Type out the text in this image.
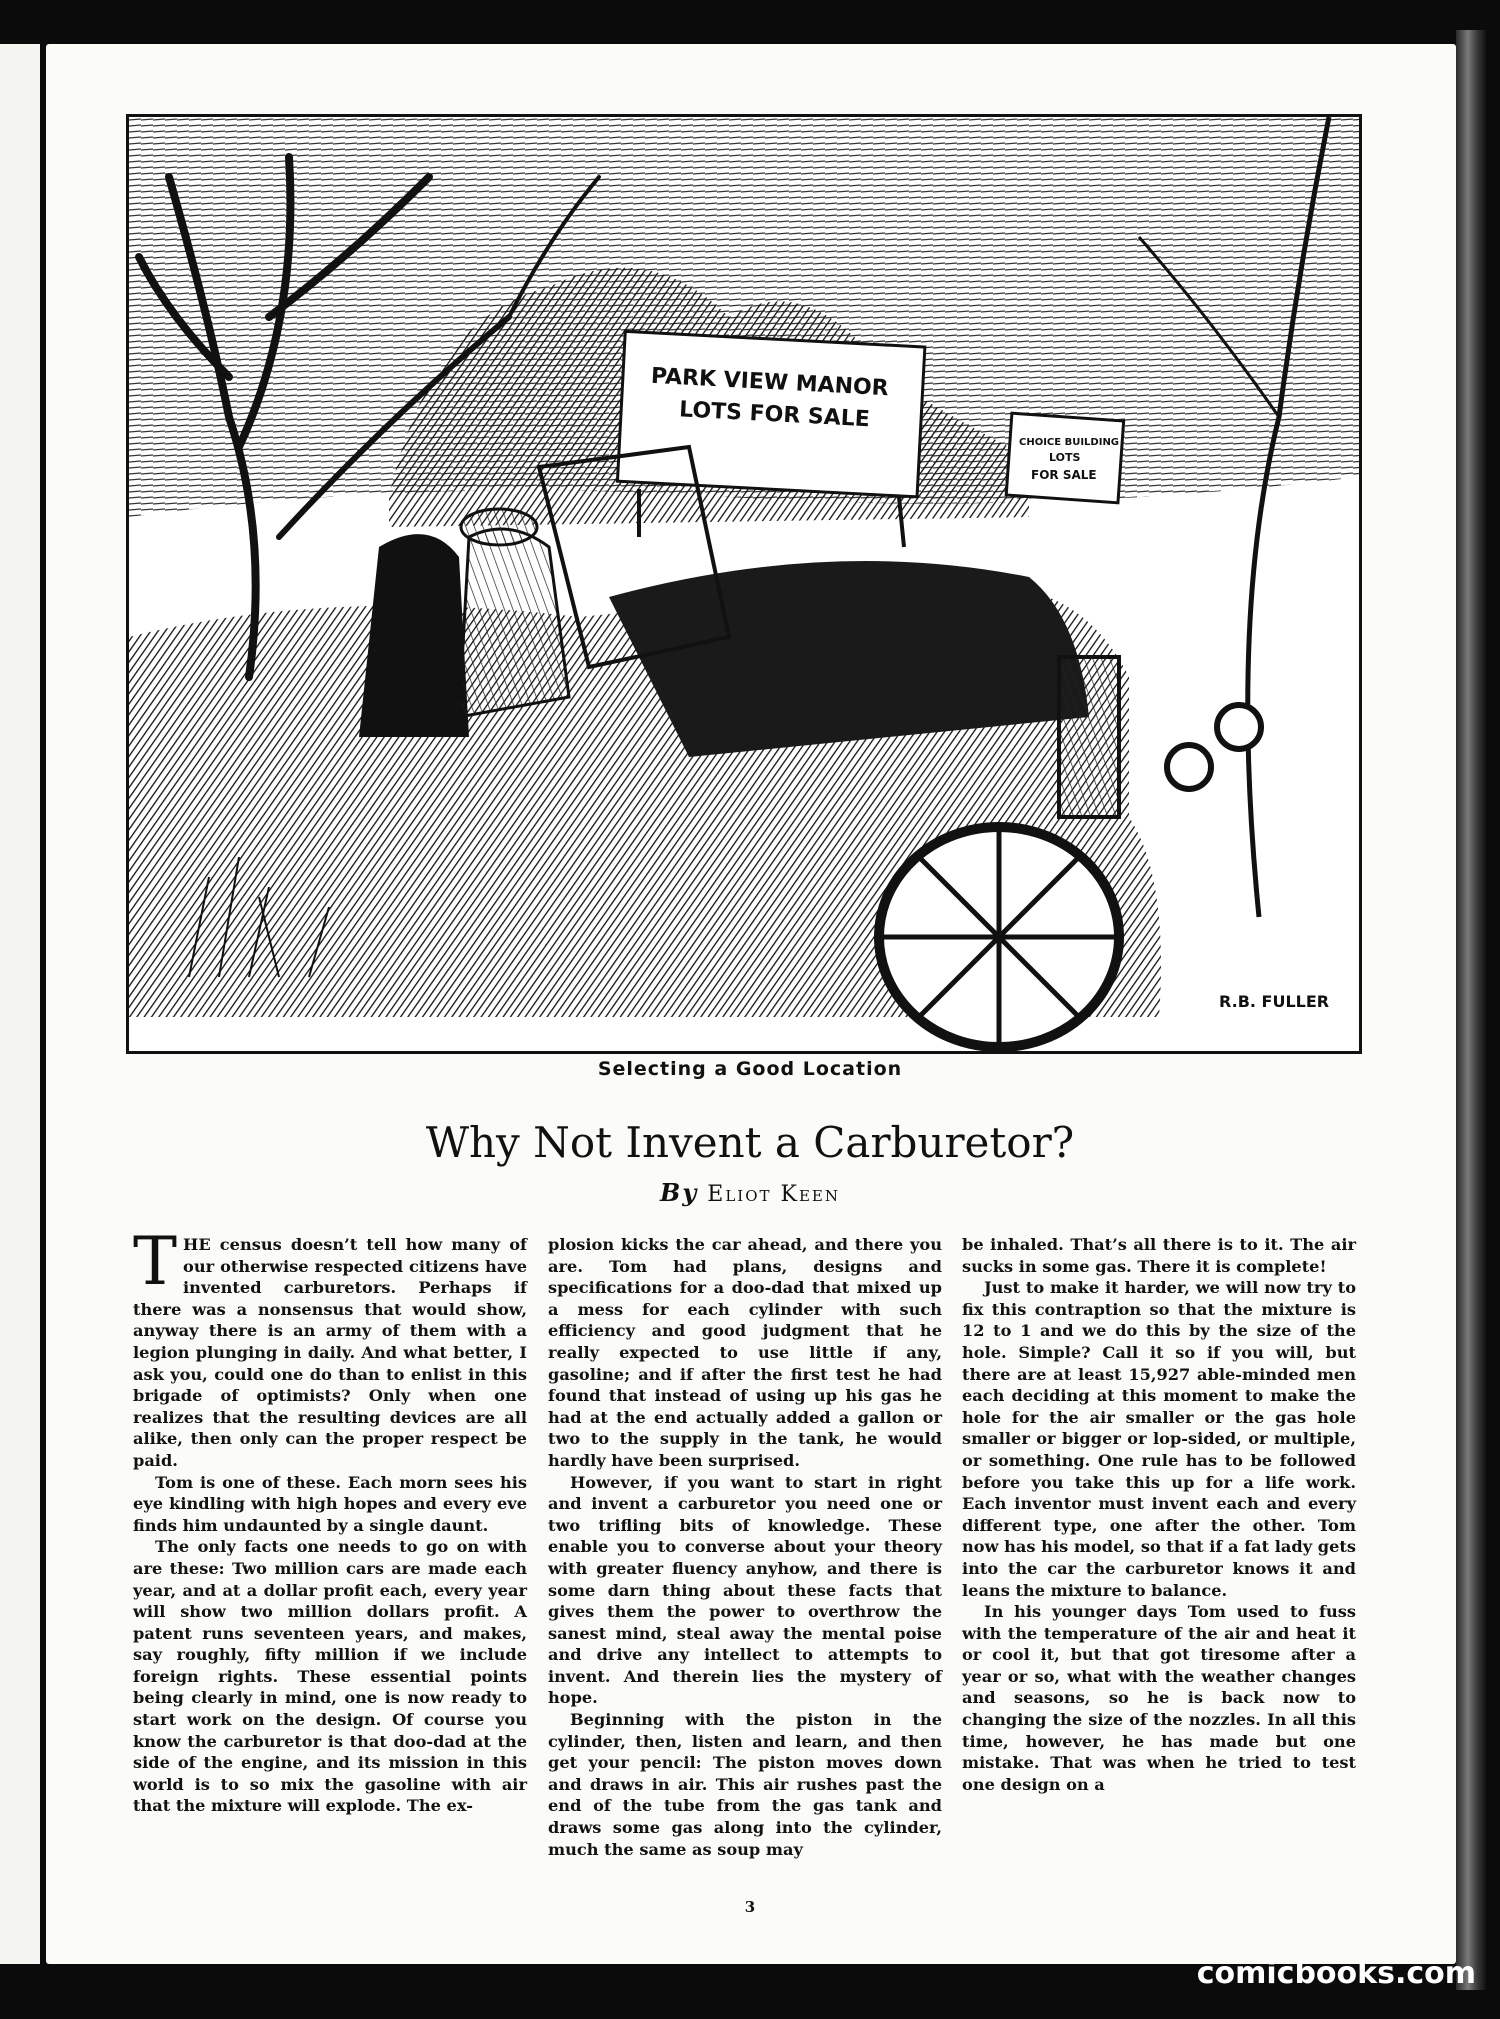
PARK VIEW MANOR
LOTS FOR SALE
CHOICE BUILDING
LOTS
FOR SALE
R.B. FULLER
Selecting a Good Location
Why Not Invent a Carburetor?
By Eliot Keen

THE census doesn’t tell how many of our otherwise respected citizens have invented carburetors. Perhaps if there was a nonsensus that would show, anyway there is an army of them with a legion plunging in daily. And what better, I ask you, could one do than to enlist in this brigade of optimists? Only when one realizes that the resulting devices are all alike, then only can the proper respect be paid.

Tom is one of these. Each morn sees his eye kindling with high hopes and every eve finds him undaunted by a single daunt.

The only facts one needs to go on with are these: Two million cars are made each year, and at a dollar profit each, every year will show two million dollars profit. A patent runs seventeen years, and makes, say roughly, fifty million if we include foreign rights. These essential points being clearly in mind, one is now ready to start work on the design. Of course you know the carburetor is that doo-dad at the side of the engine, and its mission in this world is to so mix the gasoline with air that the mixture will explode. The ex-

plosion kicks the car ahead, and there you are. Tom had plans, designs and specifications for a doo-dad that mixed up a mess for each cylinder with such efficiency and good judgment that he really expected to use little if any, gasoline; and if after the first test he had found that instead of using up his gas he had at the end actually added a gallon or two to the supply in the tank, he would hardly have been surprised.

However, if you want to start in right and invent a carburetor you need one or two trifling bits of knowledge. These enable you to converse about your theory with greater fluency anyhow, and there is some darn thing about these facts that gives them the power to overthrow the sanest mind, steal away the mental poise and drive any intellect to attempts to invent. And therein lies the mystery of hope.

Beginning with the piston in the cylinder, then, listen and learn, and then get your pencil: The piston moves down and draws in air. This air rushes past the end of the tube from the gas tank and draws some gas along into the cylinder, much the same as soup may

be inhaled. That’s all there is to it. The air sucks in some gas. There it is complete!

Just to make it harder, we will now try to fix this contraption so that the mixture is 12 to 1 and we do this by the size of the hole. Simple? Call it so if you will, but there are at least 15,927 able-minded men each deciding at this moment to make the hole for the air smaller or the gas hole smaller or bigger or lop-sided, or multiple, or something. One rule has to be followed before you take this up for a life work. Each inventor must invent each and every different type, one after the other. Tom now has his model, so that if a fat lady gets into the car the carburetor knows it and leans the mixture to balance.

In his younger days Tom used to fuss with the temperature of the air and heat it or cool it, but that got tiresome after a year or so, what with the weather changes and seasons, so he is back now to changing the size of the nozzles. In all this time, however, he has made but one mistake. That was when he tried to test one design on a

3
comicbooks.com
